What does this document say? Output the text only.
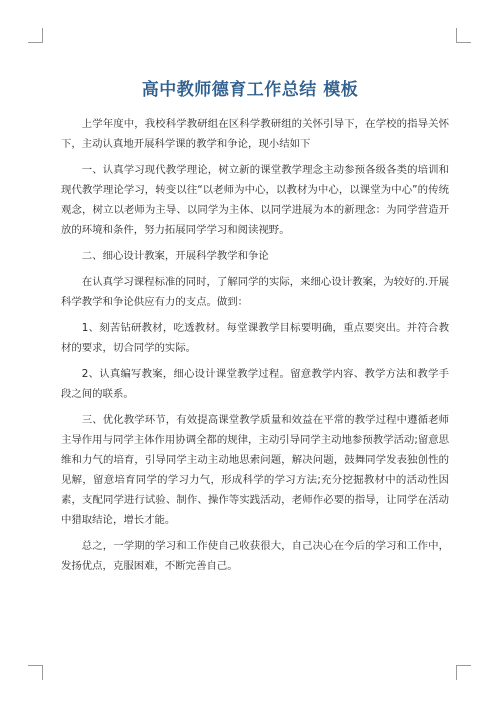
高中教师德育工作总结 模板

上学年度中，我校科学教研组在区科学教研组的关怀引导下，在学校的指导关怀下，主动认真地开展科学课的教学和争论，现小结如下

一、认真学习现代教学理论，树立新的课堂教学理念主动参预各级各类的培训和现代教学理论学习，转变以往“以老师为中心，以教材为中心，以课堂为中心”的传统观念，树立以老师为主导、以同学为主体、以同学进展为本的新理念：为同学营造开放的环境和条件，努力拓展同学学习和阅读视野。

二、细心设计教案，开展科学教学和争论

在认真学习课程标准的同时，了解同学的实际，来细心设计教案，为较好的.开展科学教学和争论供应有力的支点。做到：

1、刻苦钻研教材，吃透教材。每堂课教学目标要明确，重点要突出。并符合教材的要求，切合同学的实际。

2、认真编写教案，细心设计课堂教学过程。留意教学内容、教学方法和教学手段之间的联系。

三、优化教学环节，有效提高课堂教学质量和效益在平常的教学过程中遵循老师主导作用与同学主体作用协调全都的规律，主动引导同学主动地参预教学活动;留意思维和力气的培育，引导同学主动主动地思索问题，解决问题，鼓舞同学发表独创性的见解，留意培育同学的学习力气，形成科学的学习方法;充分挖掘教材中的活动性因素，支配同学进行试验、制作、操作等实践活动，老师作必要的指导，让同学在活动中猎取结论，增长才能。

总之，一学期的学习和工作使自己收获很大，自己决心在今后的学习和工作中，发扬优点，克服困难，不断完善自己。
